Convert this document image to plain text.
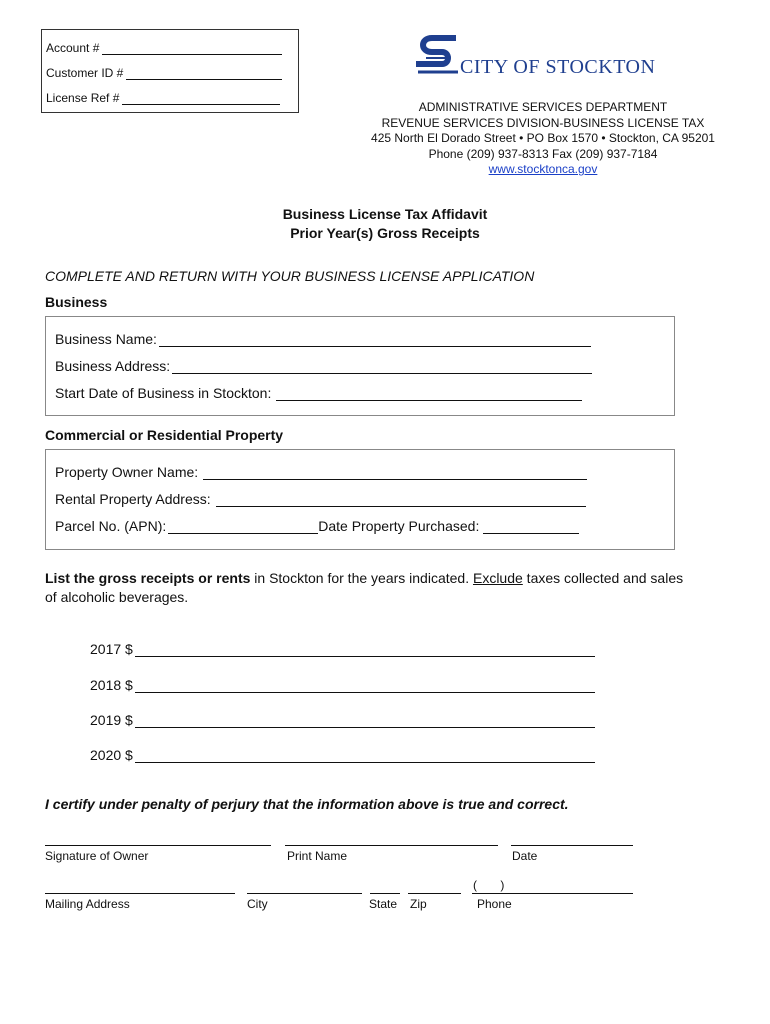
Account #
Customer ID #
License Ref #
CITY OF STOCKTON
ADMINISTRATIVE SERVICES DEPARTMENT
REVENUE SERVICES DIVISION-BUSINESS LICENSE TAX
425 North El Dorado Street • PO Box 1570 • Stockton, CA 95201
Phone (209) 937-8313 Fax (209) 937-7184
www.stocktonca.gov
Business License Tax Affidavit
Prior Year(s) Gross Receipts
COMPLETE AND RETURN WITH YOUR BUSINESS LICENSE APPLICATION
Business
Business Name:
Business Address:
Start Date of Business in Stockton:
Commercial or Residential Property
Property Owner Name:
Rental Property Address:
Parcel No. (APN):	Date Property Purchased:
List the gross receipts or rents in Stockton for the years indicated. Exclude taxes collected and sales of alcoholic beverages.
2017 $
2018 $
2019 $
2020 $
I certify under penalty of perjury that the information above is true and correct.
Signature of Owner	Print Name	Date
(       )
Mailing Address	City	State Zip	Phone
